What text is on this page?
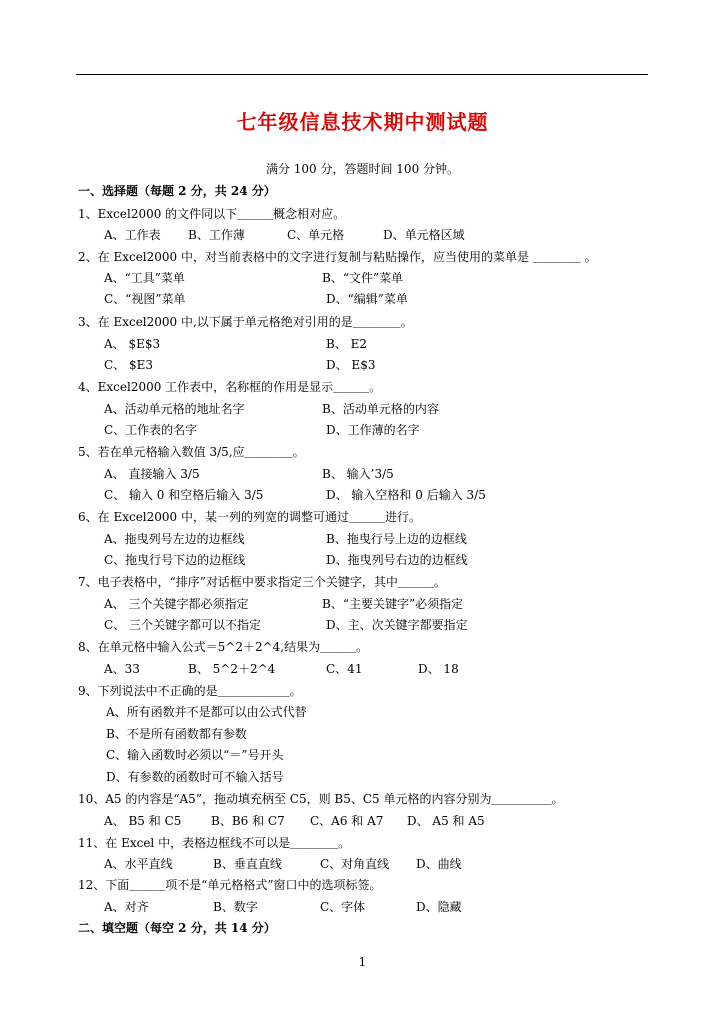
七年级信息技术期中测试题
满分 100 分，答题时间 100 分钟。
一、选择题（每题 2 分，共 24 分）
1、Excel2000 的文件同以下＿＿＿概念相对应。
A、工作表 B、工作薄	C、单元格	D、单元格区域
2、在 Excel2000 中，对当前表格中的文字进行复制与粘贴操作，应当使用的菜单是 ＿＿＿＿ 。
A、“工具”菜单	B、“文件”菜单
C、“视图”菜单	D、“编辑”菜单
3、在 Excel2000 中,以下属于单元格绝对引用的是＿＿＿＿。
A、 $E$3	B、 E2
C、 $E3	D、 E$3
4、Excel2000 工作表中，名称框的作用是显示＿＿＿。
A、活动单元格的地址名字	B、活动单元格的内容
C、工作表的名字	D、工作薄的名字
5、若在单元格输入数值 3/5,应＿＿＿＿。
A、 直接输入 3/5	B、 输入’3/5
C、 输入 0 和空格后输入 3/5	D、 输入空格和 0 后输入 3/5
6、在 Excel2000 中，某一列的列宽的调整可通过＿＿＿进行。
A、拖曳列号左边的边框线	B、拖曳行号上边的边框线
C、拖曳行号下边的边框线	D、拖曳列号右边的边框线
7、电子表格中，“排序”对话框中要求指定三个关键字，其中＿＿＿。
A、 三个关键字都必须指定	B、“主要关键字”必须指定
C、 三个关键字都可以不指定	D、主、次关键字都要指定
8、在单元格中输入公式＝5^2＋2^4,结果为＿＿＿。
A、33	B、 5^2＋2^4	C、41	D、 18
9、下列说法中不正确的是＿＿＿＿＿＿。
A、所有函数并不是都可以由公式代替
B、不是所有函数都有参数
C、输入函数时必须以“＝”号开头
D、有参数的函数时可不输入括号
10、A5 的内容是“A5”，拖动填充柄至 C5，则 B5、C5 单元格的内容分别为＿＿＿＿＿。
A、 B5 和 C5 B、B6 和 C7 C、A6 和 A7 D、 A5 和 A5
11、在 Excel 中，表格边框线不可以是＿＿＿＿。
A、水平直线	B、垂直直线	C、对角直线 D、曲线
12、下面＿＿＿项不是“单元格格式”窗口中的选项标签。
A、对齐	B、数字	C、字体	D、隐藏
二、填空题（每空 2 分，共 14 分）
1
